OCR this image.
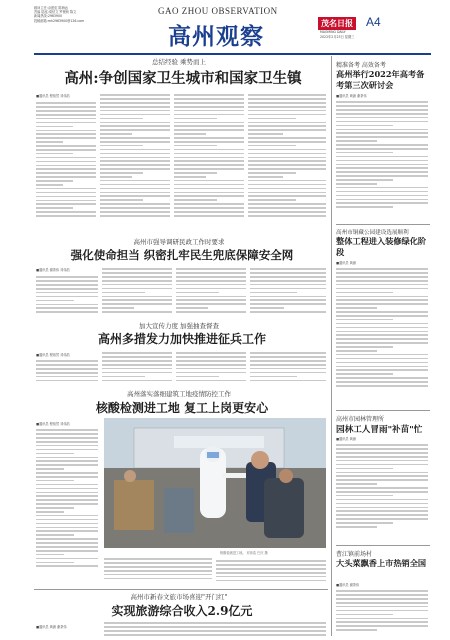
顾问主任:余建虹 陈海远
责编 陆泓:梁钻文 罗俊尚 陈文
新闻热线:2963900
投稿邮箱:mh2963900@126.com
GAO ZHOU OBSERVATION
高州观察	茂名日报 A4
MAOMING DAILY
2022年2月23日 星期三
总结经验 乘势而上
高州:争创国家卫生城市和国家卫生镇
■通讯员 程裕然 邓伟浩
高州市强导调研民政工作时要求
强化使命担当 织密扎牢民生兜底保障安全网
■通讯员 谢茶伟 邓伟浩
加大宣传力度 加强抽查督查
高州多措发力加快推进征兵工作
■通讯员 程裕然 邓伟浩
高州落实落细建筑工地疫情防控工作
核酸检测进工地 复工上岗更安心
■通讯员 程裕然 邓伟浩
核酸检测进工地。 邓伟浩 巴庆 摄
高州市新春文旅市场喜迎"开门红"
实现旅游综合收入2.9亿元
■通讯员 黄浦 谢茶伟
精准备考 高效备考
高州举行2022年高考备考第三次研讨会
■通讯员 黄浦 谢茶伟
高州市铜藏公园建设选展顺利
整体工程进入装修绿化阶段
■通讯员 黄浦
高州市园林管理所
园林工人冒雨"补苗"忙
■通讯员 黄浦
曹江镇前场村
大头菜飘香上市热销全国
■通讯员 谢茶伟
